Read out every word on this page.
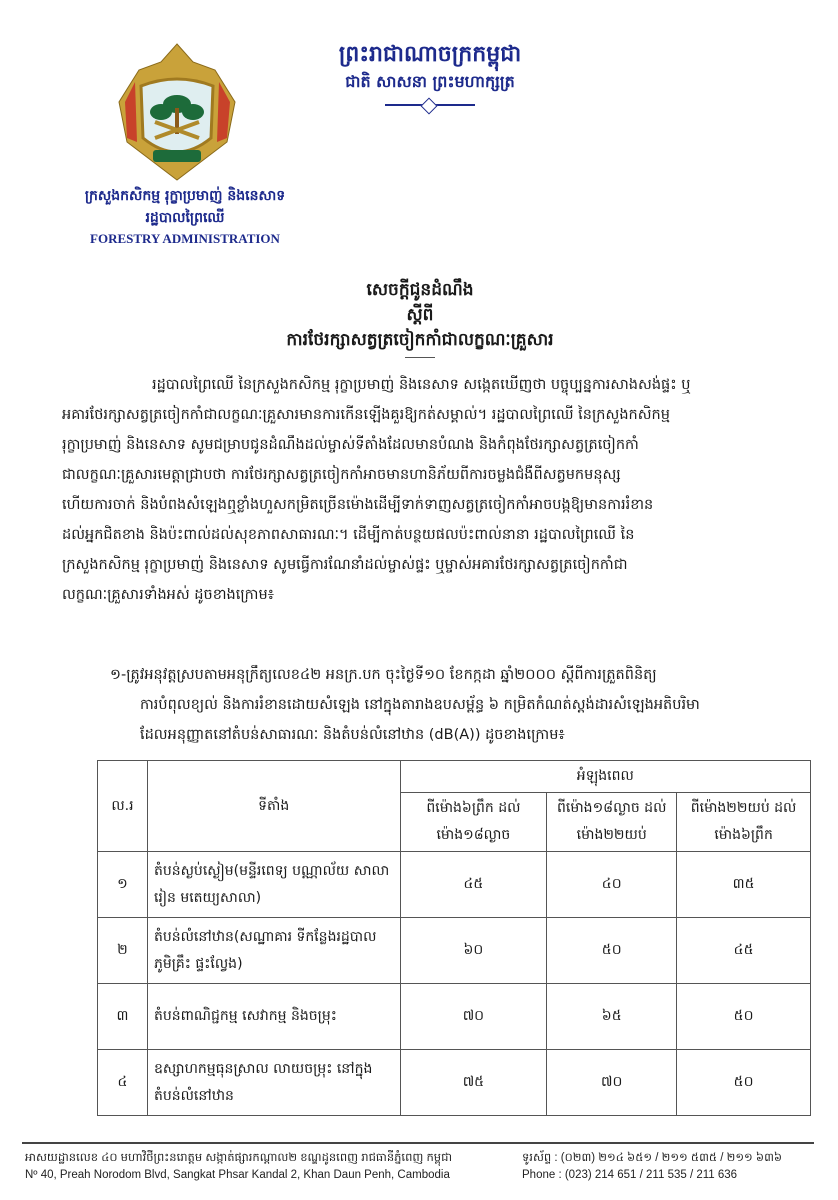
ព្រះរាជាណាចក្រកម្ពុជា
ជាតិ សាសនា ព្រះមហាក្សត្រ
ក្រសួងកសិកម្ម រុក្ខាប្រមាញ់ និងនេសាទ
រដ្ឋបាលព្រៃឈើ
FORESTRY ADMINISTRATION
សេចក្តីជូនដំណឹង
ស្តីពី
ការថែរក្សាសត្វត្រចៀកកាំជាលក្ខណៈគ្រួសារ
រដ្ឋបាលព្រៃឈើ នៃក្រសួងកសិកម្ម រុក្ខាប្រមាញ់ និងនេសាទ សង្កេតឃើញថា បច្ចុប្បន្នការសាងសង់ផ្ទះ ឬ
អគារថែរក្សាសត្វត្រចៀកកាំជាលក្ខណៈគ្រួសារមានការកើនឡើងគួរឱ្យកត់សម្គាល់។ រដ្ឋបាលព្រៃឈើ នៃក្រសួងកសិកម្ម
រុក្ខាប្រមាញ់ និងនេសាទ សូមជម្រាបជូនដំណឹងដល់ម្ចាស់ទីតាំងដែលមានបំណង និងកំពុងថែរក្សាសត្វត្រចៀកកាំ
ជាលក្ខណៈគ្រួសារមេត្តាជ្រាបថា ការថែរក្សាសត្វត្រចៀកកាំអាចមានហានិភ័យពីការចម្លងជំងឺពីសត្វមកមនុស្ស
ហើយការចាក់ និងបំពងសំឡេងឮខ្លាំងហួសកម្រិតច្រើនម៉ោងដើម្បីទាក់ទាញសត្វត្រចៀកកាំអាចបង្កឱ្យមានការរំខាន
ដល់អ្នកជិតខាង និងប៉ះពាល់ដល់សុខភាពសាធារណៈ។ ដើម្បីកាត់បន្ថយផលប៉ះពាល់នានា រដ្ឋបាលព្រៃឈើ នៃ
ក្រសួងកសិកម្ម រុក្ខាប្រមាញ់ និងនេសាទ សូមធ្វើការណែនាំដល់ម្ចាស់ផ្ទះ ឬម្ចាស់អគារថែរក្សាសត្វត្រចៀកកាំជា
លក្ខណៈគ្រួសារទាំងអស់ ដូចខាងក្រោម៖
១-ត្រូវអនុវត្តស្របតាមអនុក្រឹត្យលេខ៤២ អនក្រ.បក ចុះថ្ងៃទី១០ ខែកក្កដា ឆ្នាំ២០០០ ស្តីពីការត្រួតពិនិត្យ
ការបំពុលខ្យល់ និងការរំខានដោយសំឡេង នៅក្នុងតារាងឧបសម្ព័ន្ធ ៦ កម្រិតកំណត់ស្តង់ដារសំឡេងអតិបរិមា
ដែលអនុញ្ញាតនៅតំបន់សាធារណៈ និងតំបន់លំនៅឋាន (dB(A)) ដូចខាងក្រោម៖
ល.រ	ទីតាំង	អំឡុងពេល		
		ពីម៉ោង៦ព្រឹក ដល់ម៉ោង១៨ល្ងាច	ពីម៉ោង១៨ល្ងាច ដល់ម៉ោង២២យប់	ពីម៉ោង២២យប់ ដល់ម៉ោង៦ព្រឹក
១	តំបន់ស្ងប់ស្ងៀម(មន្ទីរពេទ្យ បណ្ណាល័យ សាលារៀន មតេយ្យសាលា)	៤៥	៤០	៣៥
២	តំបន់លំនៅឋាន(សណ្ឋាគារ ទីកន្លែងរដ្ឋបាល ភូមិគ្រឹះ ផ្ទះល្វែង)	៦០	៥០	៤៥
៣	តំបន់ពាណិជ្ជកម្ម សេវាកម្ម និងចម្រុះ	៧០	៦៥	៥០
៤	ឧស្សាហកម្មធុនស្រាល លាយចម្រុះ នៅក្នុងតំបន់លំនៅឋាន	៧៥	៧០	៥០
អាសយដ្ឋានលេខ ៤០ មហាវិថីព្រះនរោត្តម សង្កាត់ផ្សារកណ្តាល២ ខណ្ឌដូនពេញ រាជធានីភ្នំពេញ កម្ពុជា
Nº 40, Preah Norodom Blvd, Sangkat Phsar Kandal 2, Khan Daun Penh, Cambodia
ទូរស័ព្ទ : (០២៣) ២១៤ ៦៥១ / ២១១ ៥៣៥ / ២១១ ៦៣៦
Phone : (023) 214 651 / 211 535 / 211 636
